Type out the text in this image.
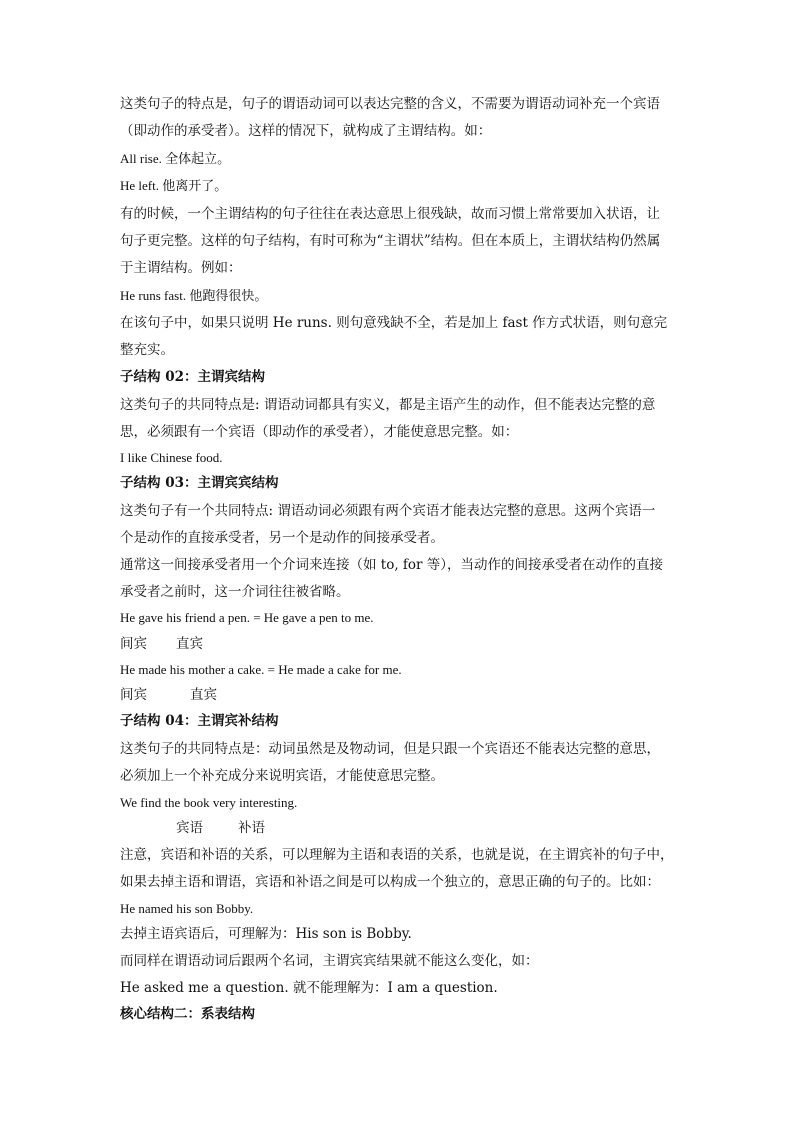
这类句子的特点是，句子的谓语动词可以表达完整的含义，不需要为谓语动词补充一个宾语
（即动作的承受者）。这样的情况下，就构成了主谓结构。如：
All rise. 全体起立。
He left. 他离开了。
有的时候，一个主谓结构的句子往往在表达意思上很残缺，故而习惯上常常要加入状语，让
句子更完整。这样的句子结构，有时可称为“主谓状”结构。但在本质上，主谓状结构仍然属
于主谓结构。例如：
He runs fast. 他跑得很快。
在该句子中，如果只说明 He runs. 则句意残缺不全，若是加上 fast 作方式状语，则句意完
整充实。
子结构 02：主谓宾结构
这类句子的共同特点是: 谓语动词都具有实义，都是主语产生的动作，但不能表达完整的意
思，必须跟有一个宾语（即动作的承受者），才能使意思完整。如：
I like Chinese food.
子结构 03：主谓宾宾结构
这类句子有一个共同特点: 谓语动词必须跟有两个宾语才能表达完整的意思。这两个宾语一
个是动作的直接承受者，另一个是动作的间接承受者。
通常这一间接承受者用一个介词来连接（如 to, for 等），当动作的间接承受者在动作的直接
承受者之前时，这一介词往往被省略。
He gave his friend a pen. = He gave a pen to me.
间宾 直宾
He made his mother a cake. = He made a cake for me.
间宾	直宾
子结构 04：主谓宾补结构
这类句子的共同特点是：动词虽然是及物动词，但是只跟一个宾语还不能表达完整的意思，
必须加上一个补充成分来说明宾语，才能使意思完整。
We find the book very interesting.
宾语	补语
注意，宾语和补语的关系，可以理解为主语和表语的关系，也就是说，在主谓宾补的句子中，
如果去掉主语和谓语，宾语和补语之间是可以构成一个独立的，意思正确的句子的。比如：
He named his son Bobby.
去掉主语宾语后，可理解为：His son is Bobby.
而同样在谓语动词后跟两个名词，主谓宾宾结果就不能这么变化，如：
He asked me a question. 就不能理解为：I am a question.
核心结构二：系表结构
